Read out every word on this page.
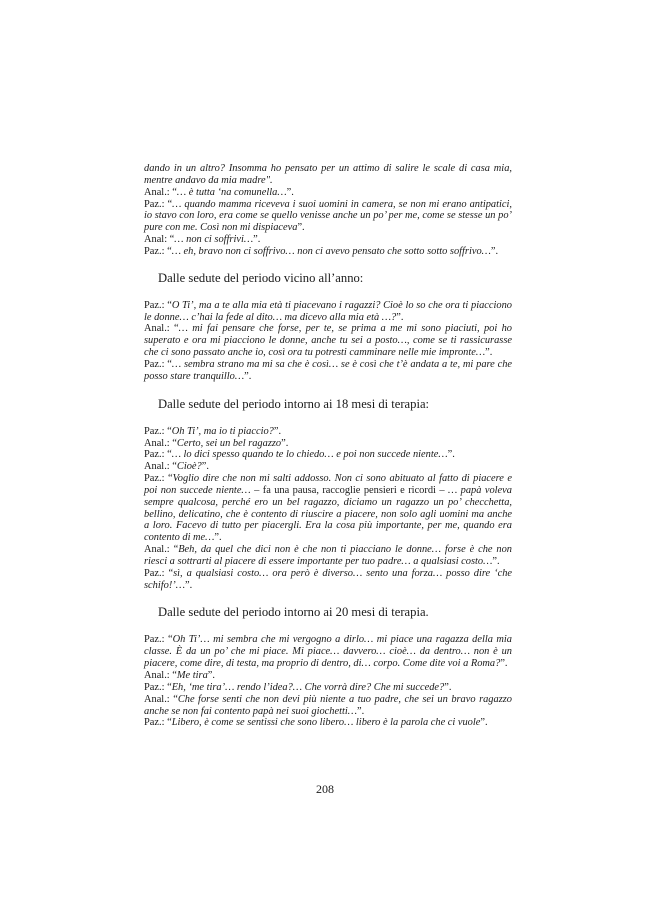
dando in un altro? Insomma ho pensato per un attimo di salire le scale di casa mia, mentre andavo da mia madre".

Anal.: “… è tutta ‘na comunella…”.

Paz.: “… quando mamma riceveva i suoi uomini in camera, se non mi erano antipatici, io stavo con loro, era come se quello venisse anche un po’ per me, come se stesse un po’ pure con me. Così non mi dispiaceva”.

Anal: “… non ci soffrivi…”.

Paz.: “… eh, bravo non ci soffrivo… non ci avevo pensato che sotto sotto soffrivo…”.

Dalle sedute del periodo vicino all’anno:

Paz.: “O Ti’, ma a te alla mia età ti piacevano i ragazzi? Cioè lo so che ora ti piacciono le donne… c’hai la fede al dito… ma dicevo alla mia età …?”.

Anal.: “… mi fai pensare che forse, per te, se prima a me mi sono piaciuti, poi ho superato e ora mi piacciono le donne, anche tu sei a posto…, come se ti rassicurasse che ci sono passato anche io, così ora tu potresti camminare nelle mie impronte…”.

Paz.: “… sembra strano ma mi sa che è così… se è così che t’è andata a te, mi pare che posso stare tranquillo…”.

Dalle sedute del periodo intorno ai 18 mesi di terapia:

Paz.: “Oh Ti’, ma io ti piaccio?”.

Anal.: “Certo, sei un bel ragazzo”.

Paz.: “… lo dici spesso quando te lo chiedo… e poi non succede niente…”.

Anal.: “Cioè?”.

Paz.: “Voglio dire che non mi salti addosso. Non ci sono abituato al fatto di piacere e poi non succede niente… – fa una pausa, raccoglie pensieri e ricordi – … papà voleva sempre qualcosa, perché ero un bel ragazzo, diciamo un ragazzo un po’ checchetta, bellino, delicatino, che è contento di riuscire a piacere, non solo agli uomini ma anche a loro. Facevo di tutto per piacergli. Era la cosa più importante, per me, quando era contento di me…”.

Anal.: “Beh, da quel che dici non è che non ti piacciano le donne… forse è che non riesci a sottrarti al piacere di essere importante per tuo padre… a qualsiasi costo…”.

Paz.: “sì, a qualsiasi costo… ora però è diverso… sento una forza… posso dire ‘che schifo!’…”.

Dalle sedute del periodo intorno ai 20 mesi di terapia.

Paz.: “Oh Ti’… mi sembra che mi vergogno a dirlo… mi piace una ragazza della mia classe. È da un po’ che mi piace. Mi piace… davvero… cioè… da dentro… non è un piacere, come dire, di testa, ma proprio di dentro, di… corpo. Come dite voi a Roma?”.

Anal.: “Me tira”.

Paz.: “Eh, ‘me tira’… rendo l’idea?… Che vorrà dire? Che mi succede?”.

Anal.: “Che forse senti che non devi più niente a tuo padre, che sei un bravo ragazzo anche se non fai contento papà nei suoi giochetti…”.

Paz.: “Libero, è come se sentissi che sono libero… libero è la parola che ci vuole”.

208
